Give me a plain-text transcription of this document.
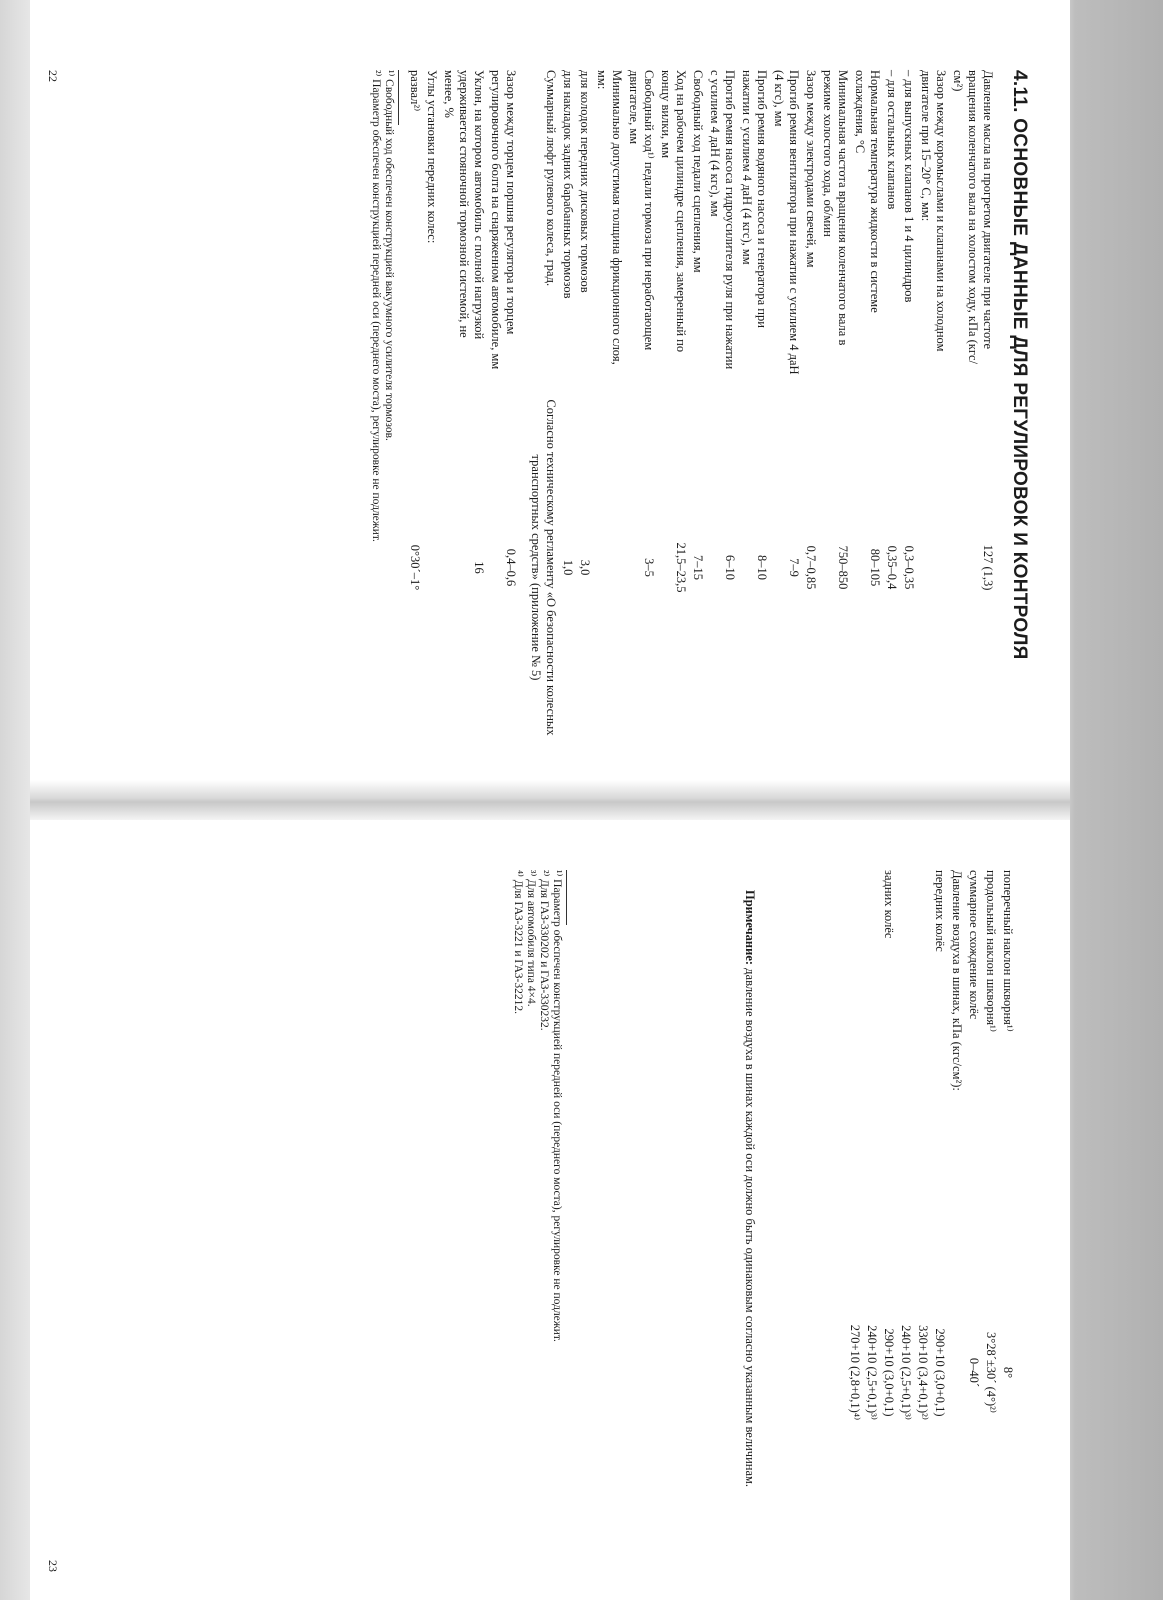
4.11. ОСНОВНЫЕ ДАННЫЕ ДЛЯ РЕГУЛИРОВОК И КОНТРОЛЯ
Давление масла на прогретом двигателе при частоте вращения коленчатого вала на холостом ходу, кПа (кгс/см²)
127 (1,3)
Зазор между коромыслами и клапанами на холодном двигателе при 15–20° С, мм:
– для выпускных клапанов 1 и 4 цилиндров
0,3–0,35
– для остальных клапанов
0,35–0,4
Нормальная температура жидкости в системе охлаждения, °С
80–105
Минимальная частота вращения коленчатого вала в режиме холостого хода, об/мин
750–850
Зазор между электродами свечей, мм
0,7–0,85
Прогиб ремня вентилятора при нажатии с усилием 4 даН (4 кгс), мм
7–9
Прогиб ремня водяного насоса и генератора при нажатии с усилием 4 даН (4 кгс), мм
8–10
Прогиб ремня насоса гидроусилителя руля при нажатии с усилием 4 даН (4 кгс), мм
6–10
Свободный ход педали сцепления, мм
7–15
Ход на рабочем цилиндре сцепления, замеренный по концу вилки, мм
21,5–23,5
Свободный ход¹⁾ педали тормоза при неработающем двигателе, мм
3–5
Минимально допустимая толщина фрикционного слоя, мм:
для колодок передних дисковых тормозов
3,0
для накладок задних барабанных тормозов
1,0
Суммарный люфт рулевого колеса, град.
Согласно техническому регламенту «О безопасности колесных транспортных средств» (приложение № 5)
Зазор между торцем поршня регулятора и торцем регулировочного болта на снаряженном автомобиле, мм
0,4–0,6
Уклон, на котором автомобиль с полной нагрузкой удерживается стояночной тормозной системой, не менее, %
16
Углы установки передних колес:
развал²⁾
0°30´–1°
¹⁾ Свободный ход обеспечен конструкцией вакуумного усилителя тормозов.
²⁾ Параметр обеспечен конструкцией передней оси (переднего моста), регулировке не подлежит.
22
поперечный наклон шкворня¹⁾
8°
продольный наклон шкворня¹⁾
3°28´±30´ (4°)²⁾
суммарное схождение колёс
0–40´
Давление воздуха в шинах, кПа (кгс/см²):
передних колёс
290+10 (3,0+0,1)
330+10 (3,4+0,1)²⁾
240+10 (2,5+0,1)³⁾
задних колёс
290+10 (3,0+0,1)
240+10 (2,5+0,1)³⁾
270+10 (2,8+0,1)⁴⁾
Примечание: давление воздуха в шинах каждой оси должно быть одинаковым согласно указанным величинам.
¹⁾ Параметр обеспечен конструкцией передней оси (переднего моста), регулировке не подлежит.
²⁾ Для ГАЗ-330202 и ГАЗ-330232.
³⁾ Для автомобиля типа 4×4.
⁴⁾ Для ГАЗ-3221 и ГАЗ-32212.
23
